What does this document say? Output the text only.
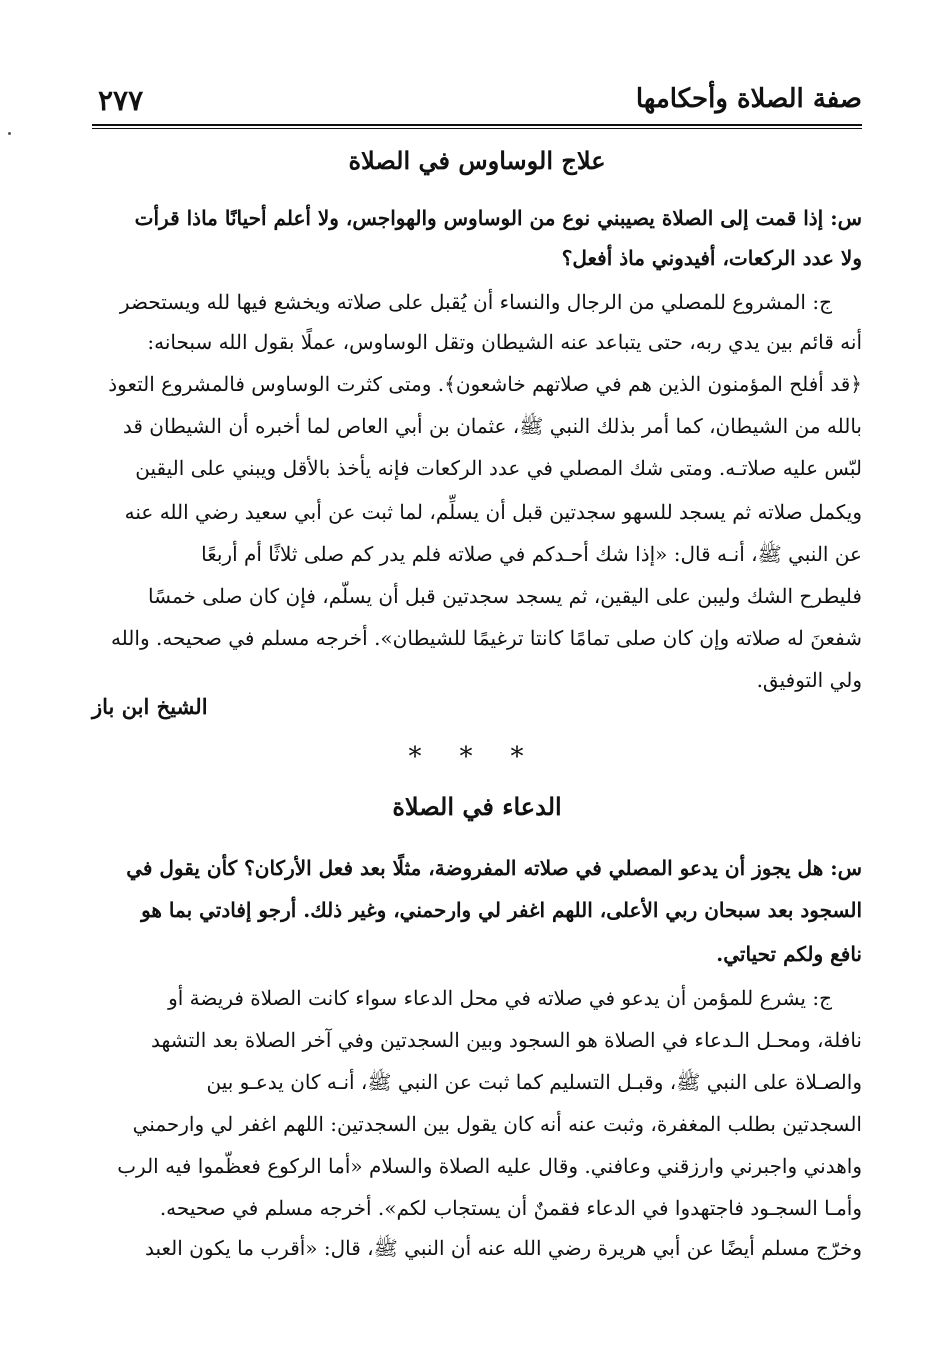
٢٧٧	صفة الصلاة وأحكامها
علاج الوساوس في الصلاة
س: إذا قمت إلى الصلاة يصيبني نوع من الوساوس والهواجس، ولا أعلم أحيانًا ماذا قرأت
ولا عدد الركعات، أفيدوني ماذ أفعل؟
ج: المشروع للمصلي من الرجال والنساء أن يُقبل على صلاته ويخشع فيها لله ويستحضر
أنه قائم بين يدي ربه، حتى يتباعد عنه الشيطان وتقل الوساوس، عملًا بقول الله سبحانه:
﴿قد أفلح المؤمنون الذين هم في صلاتهم خاشعون﴾. ومتى كثرت الوساوس فالمشروع التعوذ
بالله من الشيطان، كما أمر بذلك النبي ﷺ، عثمان بن أبي العاص لما أخبره أن الشيطان قد
لبّس عليه صلاتـه. ومتى شك المصلي في عدد الركعات فإنه يأخذ بالأقل ويبني على اليقين
ويكمل صلاته ثم يسجد للسهو سجدتين قبل أن يسلِّم، لما ثبت عن أبي سعيد رضي الله عنه
عن النبي ﷺ، أنـه قال: «إذا شك أحـدكم في صلاته فلم يدر كم صلى ثلاثًا أم أربعًا
فليطرح الشك وليبن على اليقين، ثم يسجد سجدتين قبل أن يسلّم، فإن كان صلى خمسًا
شفعنَ له صلاته وإن كان صلى تمامًا كانتا ترغيمًا للشيطان». أخرجه مسلم في صحيحه. والله
ولي التوفيق.
الشيخ ابن باز
* * *
الدعاء في الصلاة
س: هل يجوز أن يدعو المصلي في صلاته المفروضة، مثلًا بعد فعل الأركان؟ كأن يقول في
السجود بعد سبحان ربي الأعلى، اللهم اغفر لي وارحمني، وغير ذلك. أرجو إفادتي بما هو
نافع ولكم تحياتي.
ج: يشرع للمؤمن أن يدعو في صلاته في محل الدعاء سواء كانت الصلاة فريضة أو
نافلة، ومحـل الـدعاء في الصلاة هو السجود وبين السجدتين وفي آخر الصلاة بعد التشهد
والصـلاة على النبي ﷺ، وقبـل التسليم كما ثبت عن النبي ﷺ، أنـه كان يدعـو بين
السجدتين بطلب المغفرة، وثبت عنه أنه كان يقول بين السجدتين: اللهم اغفر لي وارحمني
واهدني واجبرني وارزقني وعافني. وقال عليه الصلاة والسلام «أما الركوع فعظّموا فيه الرب
وأمـا السجـود فاجتهدوا في الدعاء فقمنٌ أن يستجاب لكم». أخرجه مسلم في صحيحه.
وخرّج مسلم أيضًا عن أبي هريرة رضي الله عنه أن النبي ﷺ، قال: «أقرب ما يكون العبد
